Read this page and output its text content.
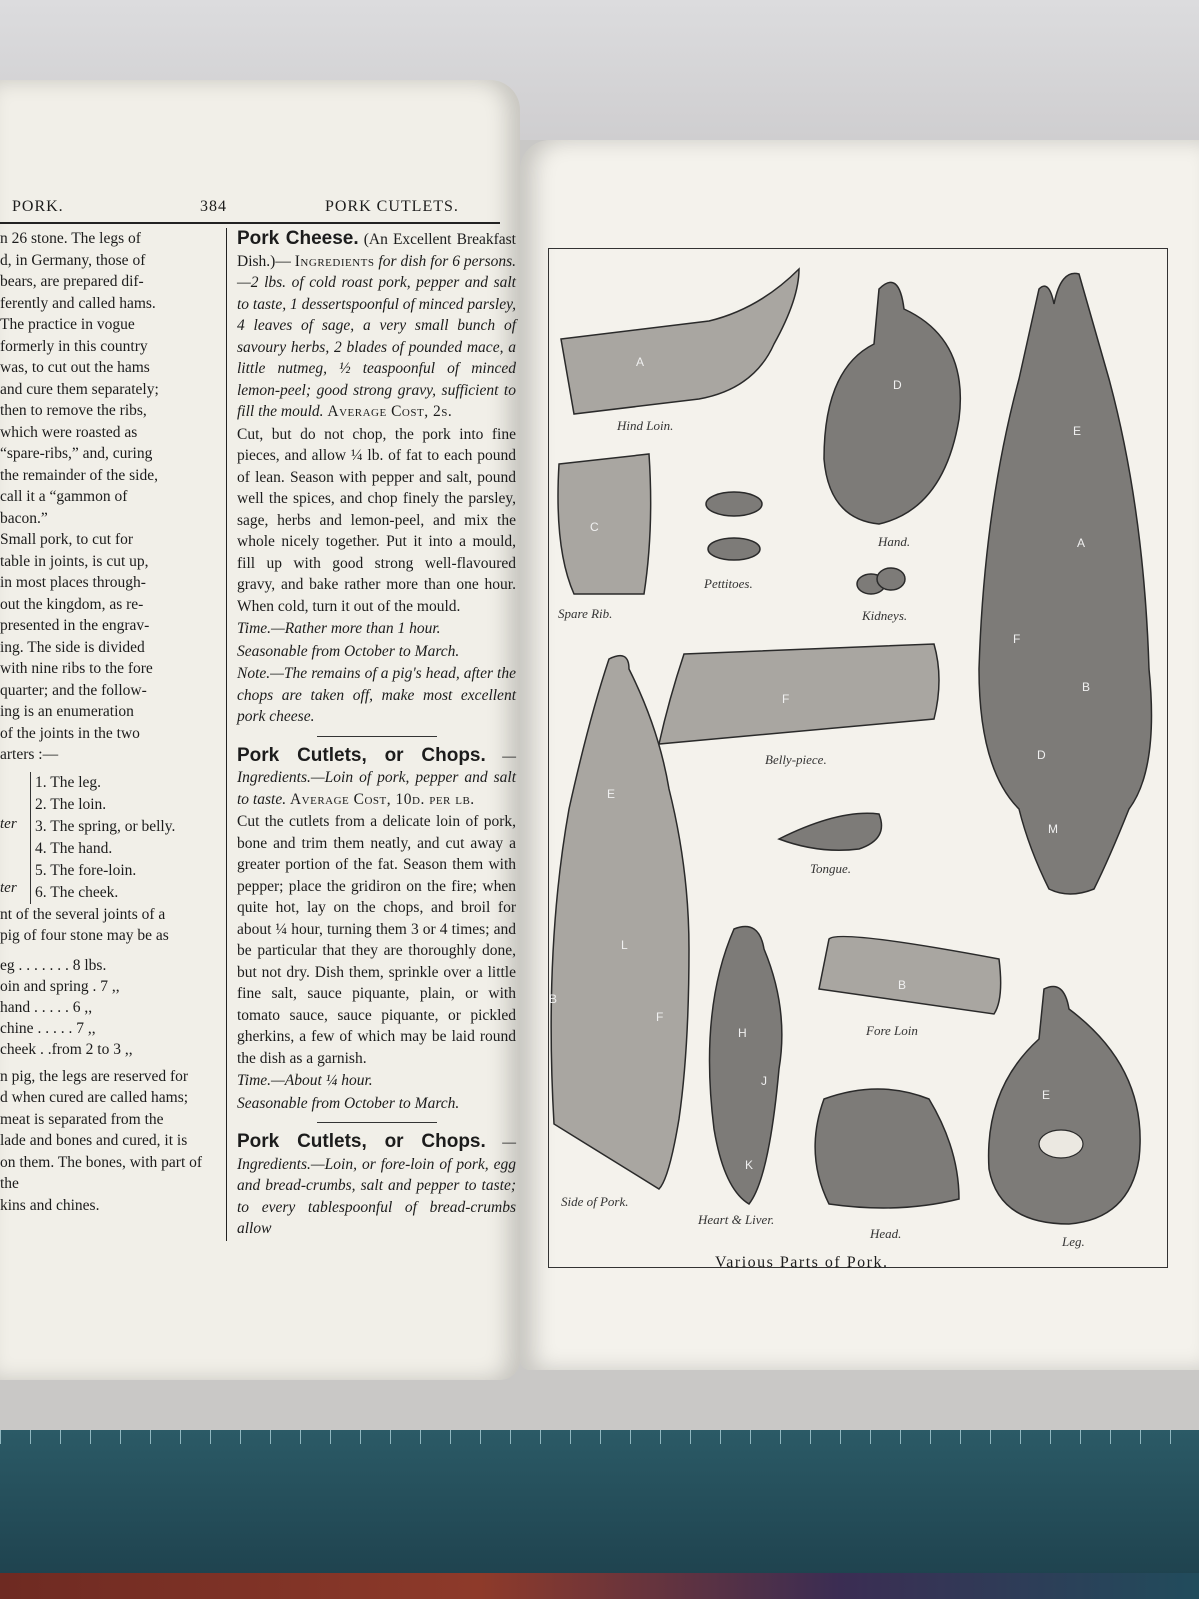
PORK.	384	PORK CUTLETS.
n 26 stone. The legs of
d, in Germany, those of
bears, are prepared dif-
ferently and called hams.
The practice in vogue
formerly in this country
was, to cut out the hams
and cure them separately;
then to remove the ribs,
which were roasted as
“spare-ribs,” and, curing
the remainder of the side,
call it a “gammon of
bacon.”
Small pork, to cut for
table in joints, is cut up,
in most places through-
out the kingdom, as re-
presented in the engrav-
ing. The side is divided
with nine ribs to the fore
quarter; and the follow-
ing is an enumeration
of the joints in the two
arters :—
1. The leg.
2. The loin.
3. The spring, or belly.
4. The hand.
5. The fore-loin.
6. The cheek.
nt of the several joints of a
pig of four stone may be as
eg . . . . . . . 8 lbs.
oin and spring . 7 ,,
hand . . . . . 6 ,,
chine . . . . . 7 ,,
cheek . .from 2 to 3 ,,
n pig, the legs are reserved for
d when cured are called hams;
meat is separated from the
lade and bones and cured, it is
on them. The bones, with part of the
kins and chines.

Pork Cheese. (An Excellent Breakfast Dish.)— Ingredients for dish for 6 persons.—2 lbs. of cold roast pork, pepper and salt to taste, 1 dessertspoonful of minced parsley, 4 leaves of sage, a very small bunch of savoury herbs, 2 blades of pounded mace, a little nutmeg, ½ teaspoonful of minced lemon-peel; good strong gravy, sufficient to fill the mould. Average Cost, 2s.

Cut, but do not chop, the pork into fine pieces, and allow ¼ lb. of fat to each pound of lean. Season with pepper and salt, pound well the spices, and chop finely the parsley, sage, herbs and lemon-peel, and mix the whole nicely together. Put it into a mould, fill up with good strong well-flavoured gravy, and bake rather more than one hour. When cold, turn it out of the mould.

Time.—Rather more than 1 hour.

Seasonable from October to March.

Note.—The remains of a pig's head, after the chops are taken off, make most excellent pork cheese.

Pork Cutlets, or Chops. —Ingredients.—Loin of pork, pepper and salt to taste. Average Cost, 10d. per lb.

Cut the cutlets from a delicate loin of pork, bone and trim them neatly, and cut away a greater portion of the fat. Season them with pepper; place the gridiron on the fire; when quite hot, lay on the chops, and broil for about ¼ hour, turning them 3 or 4 times; and be particular that they are thoroughly done, but not dry. Dish them, sprinkle over a little fine salt, sauce piquante, plain, or with tomato sauce, sauce piquante, or pickled gherkins, a few of which may be laid round the dish as a garnish.

Time.—About ¼ hour.

Seasonable from October to March.

Pork Cutlets, or Chops. —Ingredients.—Loin, or fore-loin of pork, egg and bread-crumbs, salt and pepper to taste; to every tablespoonful of bread-crumbs allow

Hind Loin.
Hand.
Spare Rib.
Pettitoes.
Kidneys.
Belly-piece.
Tongue.
Fore Loin
Side of Pork.
Heart & Liver.
Head.
Leg.
Various Parts of Pork.
ter
ter
A
D
E
A
C
F
B
D
M
F
E
L
B
F
B
H
J
K
E
